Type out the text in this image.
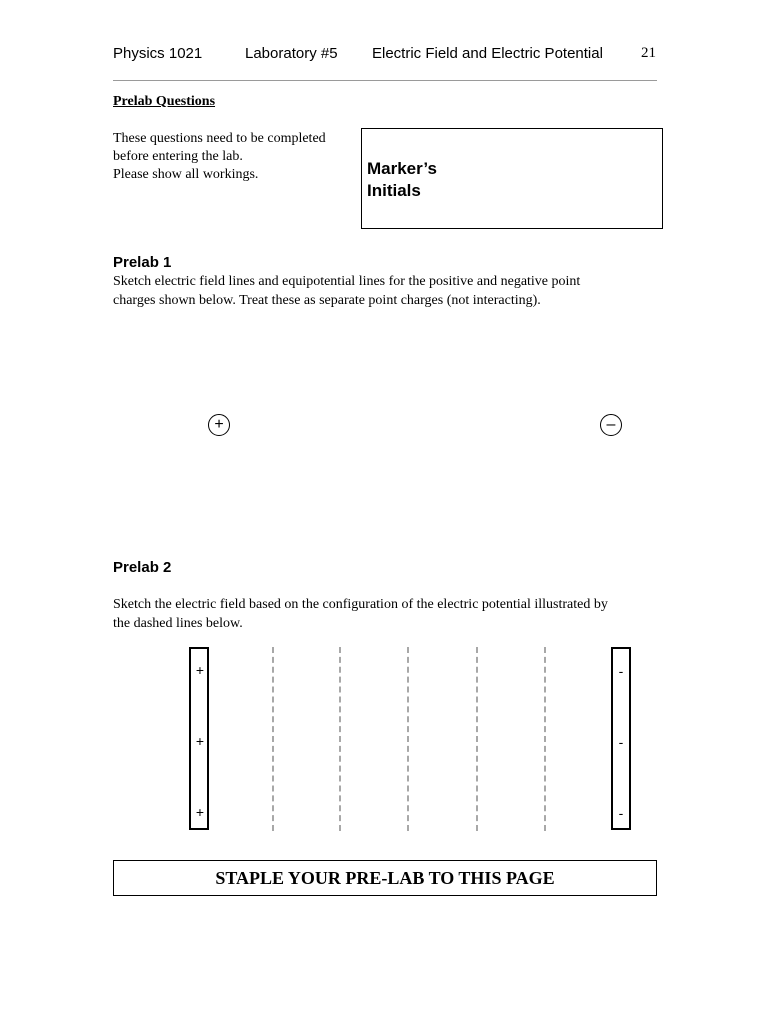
Physics 1021	Laboratory #5 Electric Field and Electric Potential	21
Prelab Questions
These questions need to be completed
before entering the lab.
Please show all workings.	Marker’s
Initials
Prelab 1
Sketch electric field lines and equipotential lines for the positive and negative point
charges shown below. Treat these as separate point charges (not interacting).
+	–
Prelab 2
Sketch the electric field based on the configuration of the electric potential illustrated by
the dashed lines below.
+
+
+
-
-
-
STAPLE YOUR PRE-LAB TO THIS PAGE
